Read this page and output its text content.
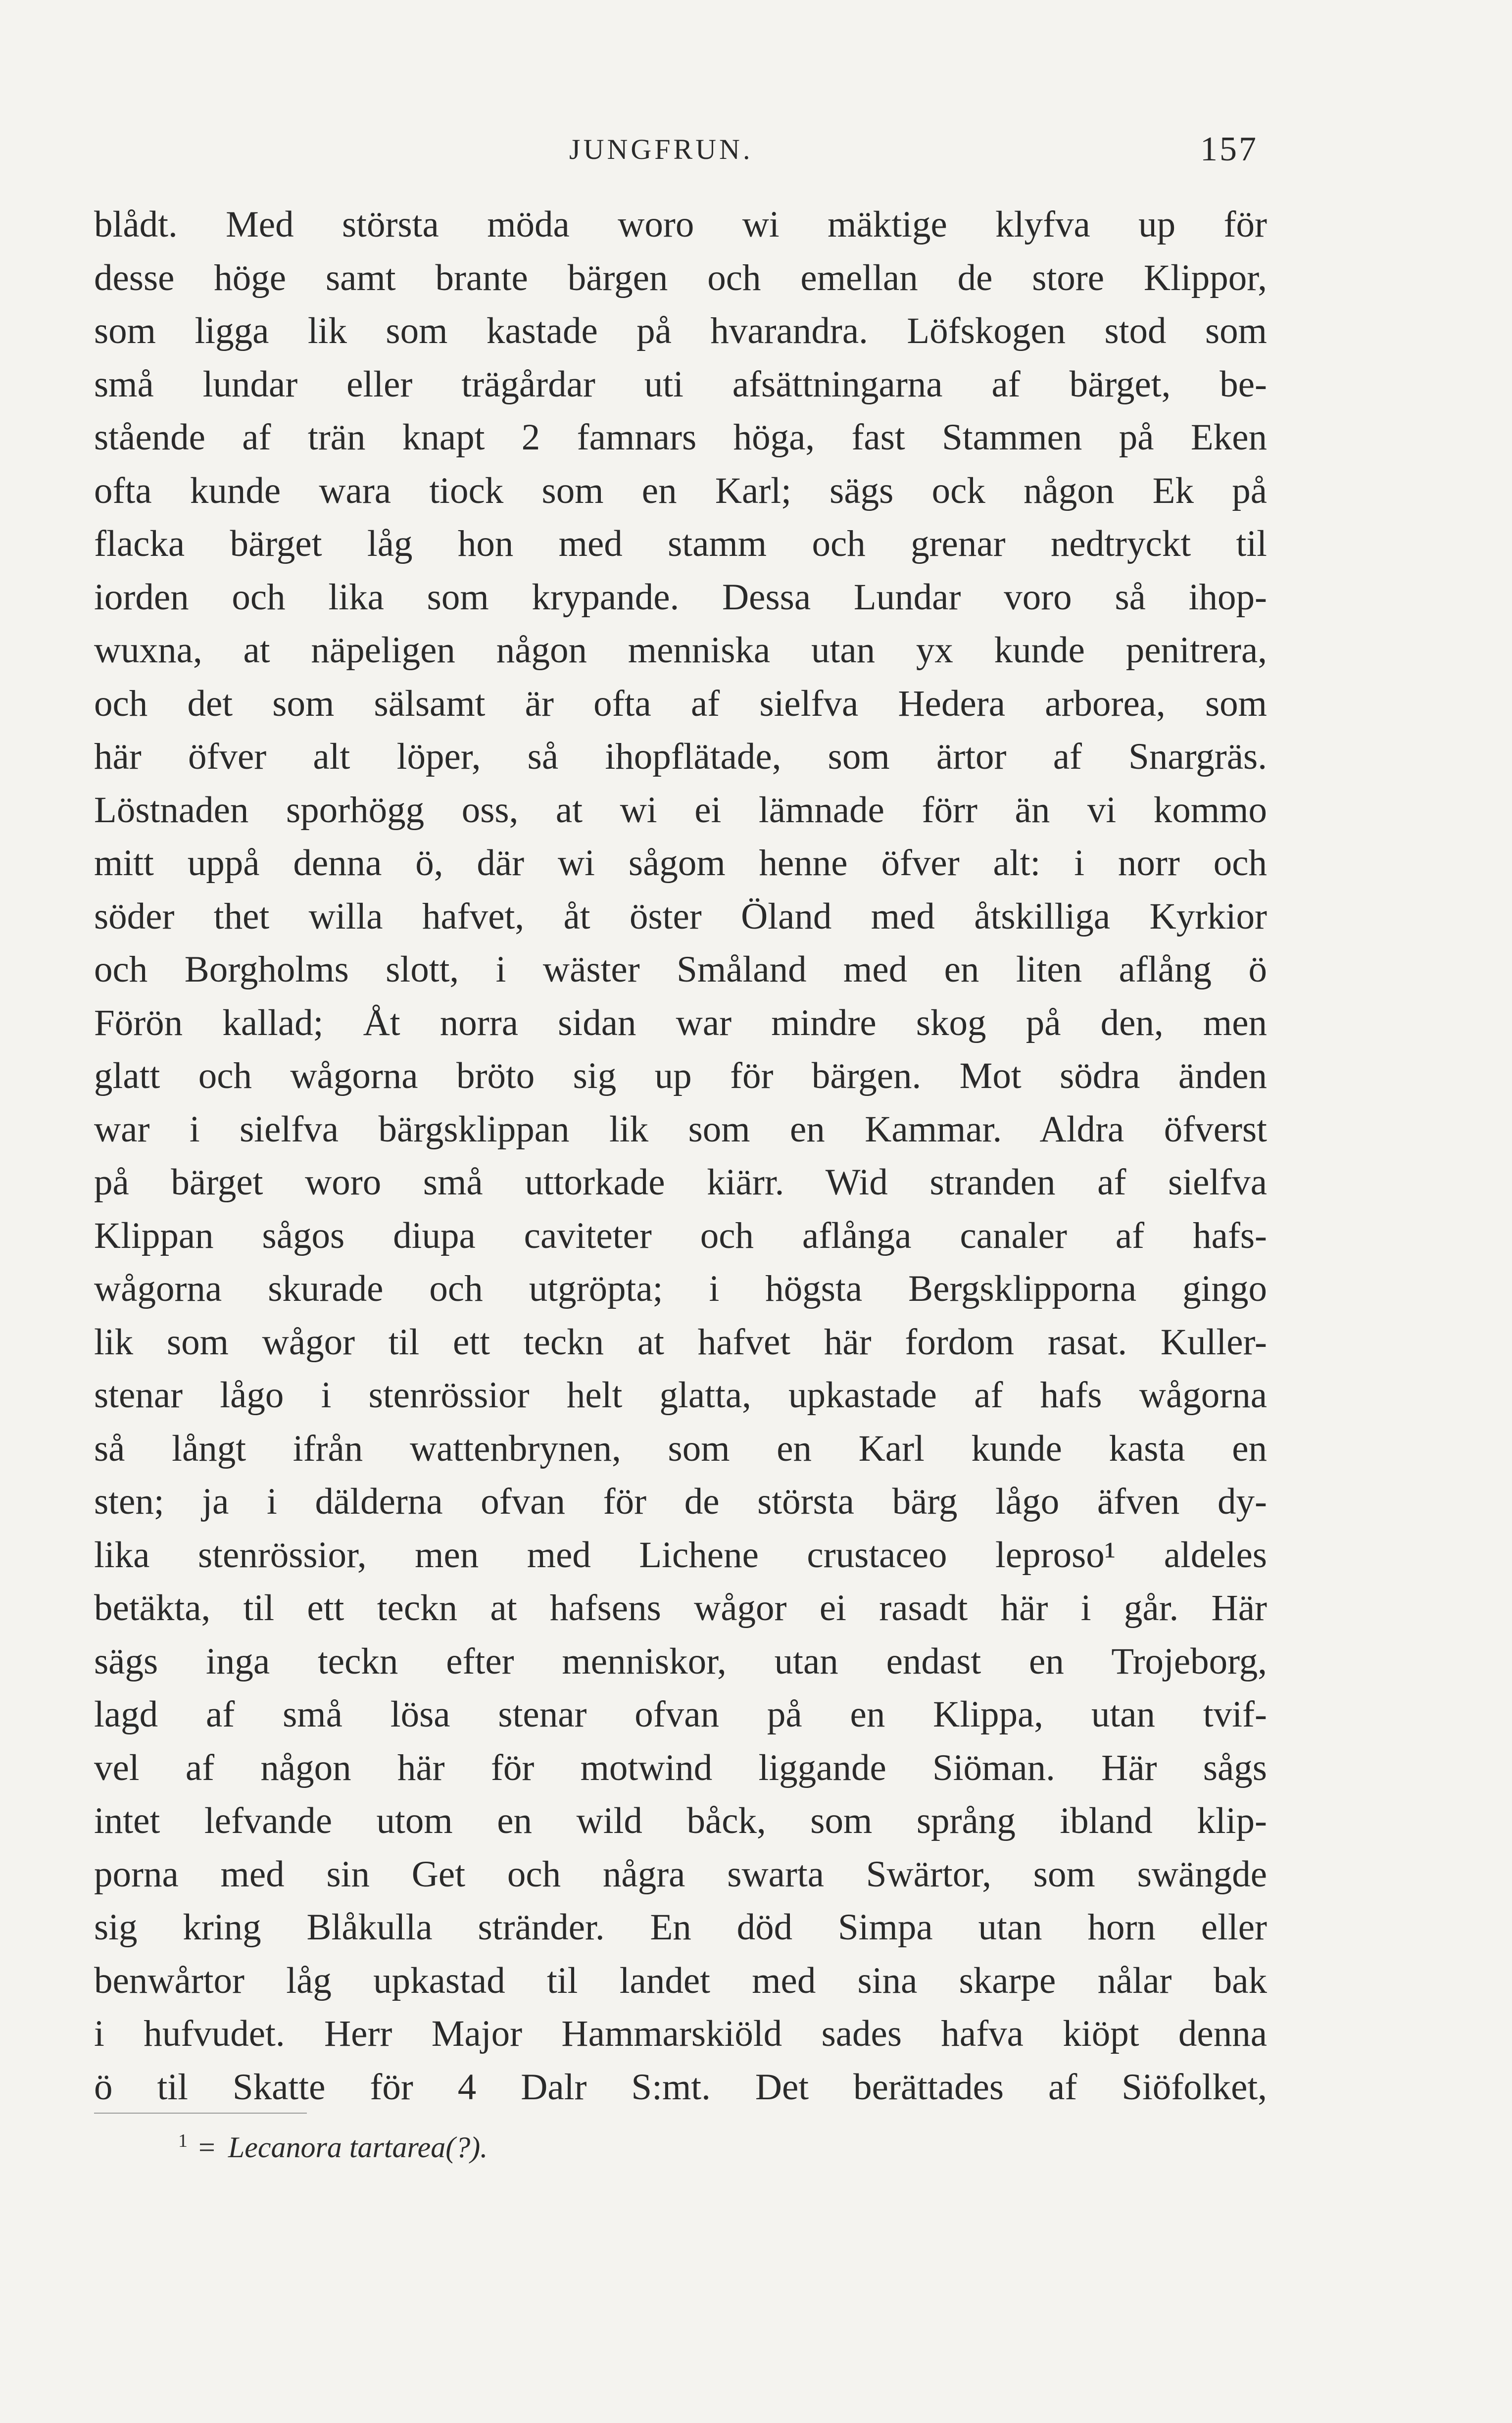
JUNGFRUN.	157
blådt. Med största möda woro wi mäktige klyfva up för
desse höge samt brante bärgen och emellan de store Klippor,
som ligga lik som kastade på hvarandra. Löfskogen stod som
små lundar eller trägårdar uti afsättningarna af bärget, be-
stående af trän knapt 2 famnars höga, fast Stammen på Eken
ofta kunde wara tiock som en Karl; sägs ock någon Ek på
flacka bärget låg hon med stamm och grenar nedtryckt til
iorden och lika som krypande. Dessa Lundar voro så ihop-
wuxna, at näpeligen någon menniska utan yx kunde penitrera,
och det som sälsamt är ofta af sielfva Hedera arborea, som
här öfver alt löper, så ihopflätade, som ärtor af Snargräs.
Löstnaden sporhögg oss, at wi ei lämnade förr än vi kommo
mitt uppå denna ö, där wi sågom henne öfver alt: i norr och
söder thet willa hafvet, åt öster Öland med åtskilliga Kyrkior
och Borgholms slott, i wäster Småland med en liten aflång ö
Förön kallad; Åt norra sidan war mindre skog på den, men
glatt och wågorna bröto sig up för bärgen. Mot södra änden
war i sielfva bärgsklippan lik som en Kammar. Aldra öfverst
på bärget woro små uttorkade kiärr. Wid stranden af sielfva
Klippan sågos diupa caviteter och aflånga canaler af hafs-
wågorna skurade och utgröpta; i högsta Bergsklipporna gingo
lik som wågor til ett teckn at hafvet här fordom rasat. Kuller-
stenar lågo i stenrössior helt glatta, upkastade af hafs wågorna
så långt ifrån wattenbrynen, som en Karl kunde kasta en
sten; ja i dälderna ofvan för de största bärg lågo äfven dy-
lika stenrössior, men med Lichene crustaceo leproso¹ aldeles
betäkta, til ett teckn at hafsens wågor ei rasadt här i går. Här
sägs inga teckn efter menniskor, utan endast en Trojeborg,
lagd af små lösa stenar ofvan på en Klippa, utan tvif-
vel af någon här för motwind liggande Siöman. Här sågs
intet lefvande utom en wild båck, som språng ibland klip-
porna med sin Get och några swarta Swärtor, som swängde
sig kring Blåkulla stränder. En död Simpa utan horn eller
benwårtor låg upkastad til landet med sina skarpe nålar bak
i hufvudet. Herr Major Hammarskiöld sades hafva kiöpt denna
ö til Skatte för 4 Dalr S:mt. Det berättades af Siöfolket,
$^1$ = Lecanora tartarea(?).
